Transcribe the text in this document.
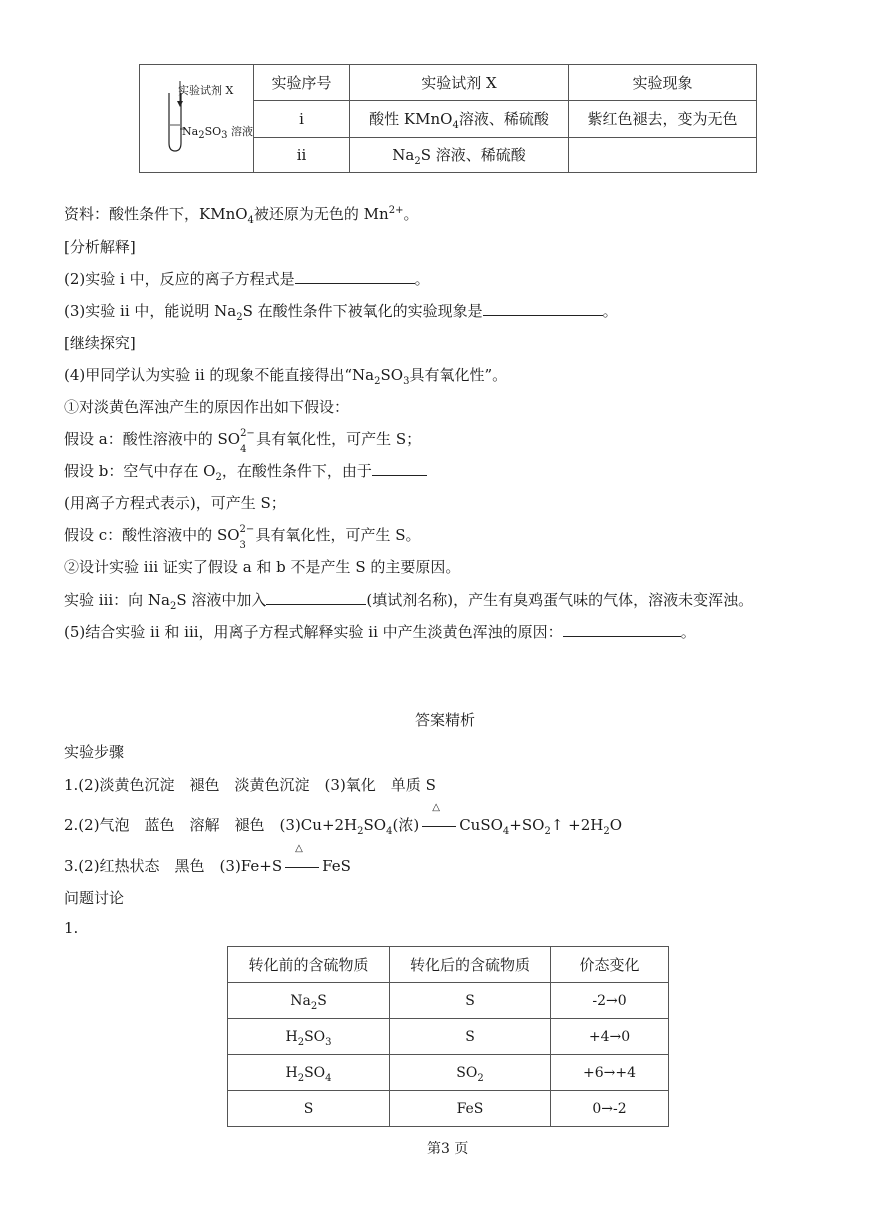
实验试剂 X
$Na_2SO_3$ 溶液	实验序号	实验试剂 X	实验现象
	i	酸性 KMnO$_4$溶液、稀硫酸	紫红色褪去，变为无色
	ii	$Na_2S$ 溶液、稀硫酸	
资料：酸性条件下，KMnO$_4$被还原为无色的 $Mn^{2+}$。
[分析解释]
(2)实验 i 中，反应的离子方程式是	。
(3)实验 ii 中，能说明 $Na_2S$ 在酸性条件下被氧化的实验现象是	。
[继续探究]
(4)甲同学认为实验 ii 的现象不能直接得出“$Na_2SO_3$具有氧化性”。
①对淡黄色浑浊产生的原因作出如下假设：
假设 a：酸性溶液中的 SO 2−
4
具有氧化性，可产生 S；
假设 b：空气中存在 $O_2$，在酸性条件下，由于
(用离子方程式表示)，可产生 S；
假设 c：酸性溶液中的 SO 2−
3
具有氧化性，可产生 S。
②设计实验 iii 证实了假设 a 和 b 不是产生 S 的主要原因。
实验 iii：向 $Na_2S$ 溶液中加入	(填试剂名称)，产生有臭鸡蛋气味的气体，溶液未变浑浊。
(5)结合实验 ii 和 iii，用离子方程式解释实验 ii 中产生淡黄色浑浊的原因：	。
答案精析
实验步骤
1.(2)淡黄色沉淀　褪色　淡黄色沉淀　(3)氧化　单质 S
2.(2)气泡　蓝色　溶解　褪色　$(3)Cu+2H_2SO_4$(浓)
△
$CuSO_4+SO_2↑ +2H_2O$
3.(2)红热状态　黑色　(3)Fe+S
△
FeS
问题讨论
1.
转化前的含硫物质	转化后的含硫物质	价态变化
$Na_2S$	S	-2→0
$H_2SO_3$	S	+4→0
$H_2SO_4$	$SO_2$	+6→+4
S	FeS	0→-2
第3 页
